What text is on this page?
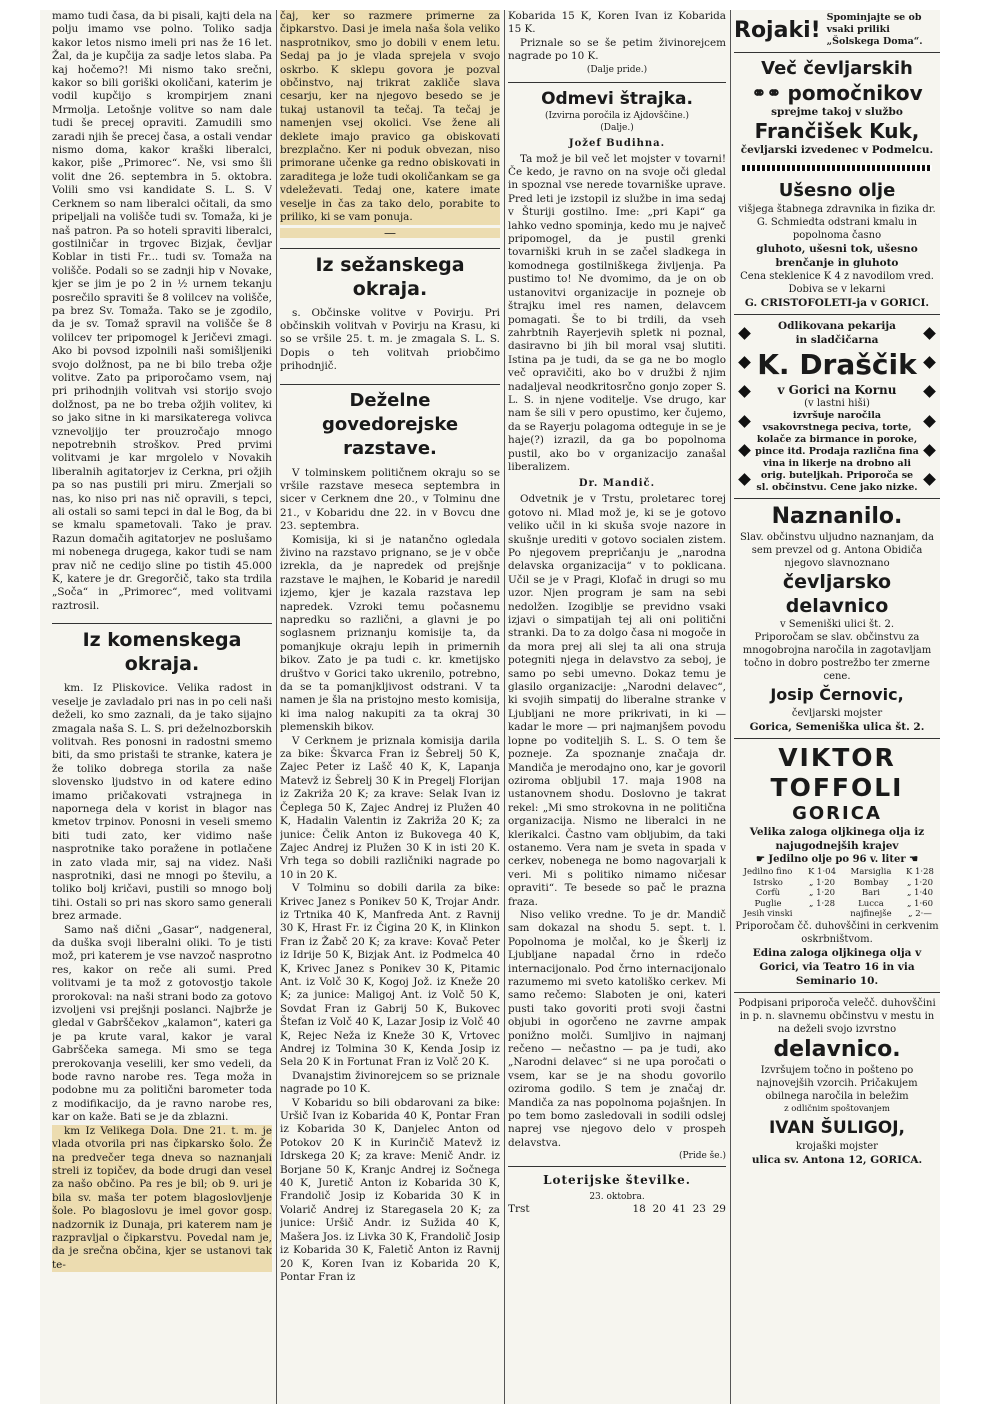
mamo tudi časa, da bi pisali, kajti dela na polju imamo vse polno. Toliko sadja kakor letos nismo imeli pri nas že 16 let. Žal, da je kupčija za sadje letos slaba. Pa kaj hočemo?! Mi nismo tako srečni, kakor so bili goriški okoličani, katerim je vodil kupčijo s krompirjem znani Mrmolja. Letošnje volitve so nam dale tudi še precej opraviti. Zamudili smo zaradi njih še precej časa, a ostali vendar nismo doma, kakor kraški liberalci, kakor, piše „Primorec“. Ne, vsi smo šli volit dne 26. septembra in 5. oktobra. Volili smo vsi kandidate S. L. S. V Cerknem so nam liberalci očitali, da smo pripeljali na volišče tudi sv. Tomaža, ki je naš patron. Pa so hoteli spraviti liberalci, gostilničar in trgovec Bizjak, čevljar Koblar in tisti Fr... tudi sv. Tomaža na volišče. Podali so se zadnji hip v Novake, kjer se jim je po 2 in ½ urnem tekanju posrečilo spraviti še 8 volilcev na volišče, pa brez Sv. Tomaža. Tako se je zgodilo, da je sv. Tomaž spravil na volišče še 8 volilcev ter pripomogel k Jeričevi zmagi. Ako bi povsod izpolnili naši somišljeniki svojo dolžnost, pa ne bi bilo treba ožje volitve. Zato pa priporočamo vsem, naj pri prihodnjih volitvah vsi storijo svojo dolžnost, pa ne bo treba ožjih volitev, ki so jako sitne in ki marsikaterega volivca vznevoljijo ter prouzročajo mnogo nepotrebnih stroškov. Pred prvimi volitvami je kar mrgolelo v Novakih liberalnih agitatorjev iz Cerkna, pri ožjih pa so nas pustili pri miru. Zmerjali so nas, ko niso pri nas nič opravili, s tepci, ali ostali so sami tepci in dal le Bog, da bi se kmalu spametovali. Tako je prav. Razun domačih agitatorjev ne poslušamo mi nobenega drugega, kakor tudi se nam prav nič ne cedijo sline po tistih 45.000 K, katere je dr. Gregorčič, tako sta trdila „Soča“ in „Primorec“, med volitvami raztrosil.

Iz komenskega okraja.

km. Iz Pliskovice. Velika radost in veselje je zavladalo pri nas in po celi naši deželi, ko smo zaznali, da je tako sijajno zmagala naša S. L. S. pri deželnozborskih volitvah. Res ponosni in radostni smemo biti, da smo pristaši te stranke, katera je že toliko dobrega storila za naše slovensko ljudstvo in od katere edino imamo pričakovati vstrajnega in napornega dela v korist in blagor nas kmetov trpinov. Ponosni in veseli smemo biti tudi zato, ker vidimo naše nasprotnike tako poražene in potlačene in zato vlada mir, saj na videz. Naši nasprotniki, dasi ne mnogi po številu, a toliko bolj kričavi, pustili so mnogo bolj tihi. Ostali so pri nas skoro samo generali brez armade.

Samo naš dični „Gasar“, nadgeneral, da duška svoji liberalni oliki. To je tisti mož, pri katerem je vse navzoč nasprotno res, kakor on reče ali sumi. Pred volitvami je ta mož z gotovostjo takole prorokoval: na naši strani bodo za gotovo izvoljeni vsi prejšnji poslanci. Najbrže je gledal v Gabrščekov „kalamon“, kateri ga je pa krute varal, kakor je varal Gabrščeka samega. Mi smo se tega prerokovanja veselili, ker smo vedeli, da bode ravno narobe res. Tega moža in podobne mu za politični barometer toda z modifikacijo, da je ravno narobe res, kar on kaže. Bati se je da zblazni.

km Iz Velikega Dola. Dne 21. t. m. je vlada otvorila pri nas čipkarsko šolo. Že na predvečer tega dneva so naznanjali streli iz topičev, da bode drugi dan vesel za našo občino. Pa res je bil; ob 9. uri je bila sv. maša ter potem blagoslovljenje šole. Po blagoslovu je imel govor gosp. nadzornik iz Dunaja, pri katerem nam je razpravljal o čipkarstvu. Povedal nam je, da je srečna občina, kjer se ustanovi tak te-

čaj, ker so razmere primerne za čipkarstvo. Dasi je imela naša šola veliko nasprotnikov, smo jo dobili v enem letu. Sedaj pa jo je vlada sprejela v svojo oskrbo. K sklepu govora je pozval občinstvo, naj trikrat zakliče slava cesarju, ker na njegovo besedo se je tukaj ustanovil ta tečaj. Ta tečaj je namenjen vsej okolici. Vse žene ali deklete imajo pravico ga obiskovati brezplačno. Ker ni poduk obvezan, niso primorane učenke ga redno obiskovati in zaraditega je lože tudi okoličankam se ga vdeleževati. Tedaj one, katere imate veselje in čas za tako delo, porabite to priliko, ki se vam ponuja.

—
Iz sežanskega okraja.

s. Občinske volitve v Povirju. Pri občinskih volitvah v Povirju na Krasu, ki so se vršile 25. t. m. je zmagala S. L. S. Dopis o teh volitvah priobčimo prihodnjič.

Deželne govedorejske razstave.

V tolminskem političnem okraju so se vršile razstave meseca septembra in sicer v Cerknem dne 20., v Tolminu dne 21., v Kobaridu dne 22. in v Bovcu dne 23. septembra.

Komisija, ki si je natančno ogledala živino na razstavo prignano, se je v obče izrekla, da je napredek od prejšnje razstave le majhen, le Kobarid je naredil izjemo, kjer je kazala razstava lep napredek. Vzroki temu počasnemu napredku so različni, a glavni je po soglasnem priznanju komisije ta, da pomanjkuje okraju lepih in primernih bikov. Zato je pa tudi c. kr. kmetijsko društvo v Gorici tako ukrenilo, potrebno, da se ta pomanjkljivost odstrani. V ta namen je šla na pristojno mesto komisija, ki ima nalog nakupiti za ta okraj 30 plemenskih bikov.

V Cerknem je priznala komisija darila za bike: Škvarca Fran iz Šebrelj 50 K, Zajec Peter iz Lašč 40 K, K, Lapanja Matevž iz Šebrelj 30 K in Pregelj Florijan iz Zakriža 20 K; za krave: Selak Ivan iz Čeplega 50 K, Zajec Andrej iz Plužen 40 K, Hadalin Valentin iz Zakriža 20 K; za junice: Čelik Anton iz Bukovega 40 K, Zajec Andrej iz Plužen 30 K in isti 20 K. Vrh tega so dobili različniki nagrade po 10 in 20 K.

V Tolminu so dobili darila za bike: Krivec Janez s Ponikev 50 K, Trojar Andr. iz Trtnika 40 K, Manfreda Ant. z Ravnij 30 K, Hrast Fr. iz Čigina 20 K, in Klinkon Fran iz Žabč 20 K; za krave: Kovač Peter iz Idrije 50 K, Bizjak Ant. iz Podmelca 40 K, Krivec Janez s Ponikev 30 K, Pitamic Ant. iz Volč 30 K, Kogoj Jož. iz Kneže 20 K; za junice: Maligoj Ant. iz Volč 50 K, Sovdat Fran iz Gabrij 50 K, Bukovec Štefan iz Volč 40 K, Lazar Josip iz Volč 40 K, Rejec Neža iz Kneže 30 K, Vrtovec Andrej iz Tolmina 30 K, Kenda Josip iz Sela 20 K in Fortunat Fran iz Volč 20 K.

Dvanajstim živinorejcem so se priznale nagrade po 10 K.

V Kobaridu so bili obdarovani za bike: Uršič Ivan iz Kobarida 40 K, Pontar Fran iz Kobarida 30 K, Danjelec Anton od Potokov 20 K in Kurinčič Matevž iz Idrskega 20 K; za krave: Menič Andr. iz Borjane 50 K, Kranjc Andrej iz Sočnega 40 K, Juretič Anton iz Kobarida 30 K, Frandolič Josip iz Kobarida 30 K in Volarič Andrej iz Staregasela 20 K; za junice: Uršič Andr. iz Sužida 40 K, Mašera Jos. iz Livka 30 K, Frandolič Josip iz Kobarida 30 K, Faletič Anton iz Ravnij 20 K, Koren Ivan iz Kobarida 20 K, Pontar Fran iz

Kobarida 15 K, Koren Ivan iz Kobarida 15 K.

Priznale so se še petim živinorejcem nagrade po 10 K.

(Dalje pride.)
Odmevi štrajka.
(Izvirna poročila iz Ajdovščine.)
(Dalje.)
Jožef Budihna.

Ta mož je bil več let mojster v tovarni! Če kedo, je ravno on na svoje oči gledal in spoznal vse nerede tovarniške uprave. Pred leti je izstopil iz službe in ima sedaj v Šturiji gostilno. Ime: „pri Kapi“ ga lahko vedno spominja, kedo mu je največ pripomogel, da je pustil grenki tovarniški kruh in se začel sladkega in komodnega gostilniškega življenja. Pa pustimo to! Ne dvomimo, da je on ob ustanovitvi organizacije in pozneje ob štrajku imel res namen, delavcem pomagati. Še to bi trdili, da vseh zahrbtnih Rayerjevih spletk ni poznal, dasiravno bi jih bil moral vsaj slutiti. Istina pa je tudi, da se ga ne bo moglo več opravičiti, ako bo v družbi ž njim nadaljeval neodkritosrčno gonjo zoper S. L. S. in njene voditelje. Vse drugo, kar nam še sili v pero opustimo, ker čujemo, da se Rayerju polagoma odteguje in se je haje(?) izrazil, da ga bo popolnoma pustil, ako bo v organizacijo zanašal liberalizem.

Dr. Mandič.

Odvetnik je v Trstu, proletarec torej gotovo ni. Mlad mož je, ki se je gotovo veliko učil in ki skuša svoje nazore in skušnje urediti v gotovo socialen zistem. Po njegovem prepričanju je „narodna delavska organizacija“ v to poklicana. Učil se je v Pragi, Klofač in drugi so mu uzor. Njen program je sam na sebi nedolžen. Izogiblje se previdno vsaki izjavi o simpatijah tej ali oni politični stranki. Da to za dolgo časa ni mogoče in da mora prej ali slej ta ali ona struja potegniti njega in delavstvo za seboj, je samo po sebi umevno. Dokaz temu je glasilo organizacije: „Narodni delavec“, ki svojih simpatij do liberalne stranke v Ljubljani ne more prikrivati, in ki — kadar le more — pri najmanjšem povodu lopne po voditeljih S. L. S. O tem še pozneje. Za spoznanje značaja dr. Mandiča je merodajno ono, kar je govoril oziroma obljubil 17. maja 1908 na ustanovnem shodu. Doslovno je takrat rekel: „Mi smo strokovna in ne politična organizacija. Nismo ne liberalci in ne klerikalci. Častno vam obljubim, da taki ostanemo. Vera nam je sveta in spada v cerkev, nobenega ne bomo nagovarjali k veri. Mi s politiko nimamo ničesar opraviti“. Te besede so pač le prazna fraza.

Niso veliko vredne. To je dr. Mandič sam dokazal na shodu 5. sept. t. l. Popolnoma je molčal, ko je Škerlj iz Ljubljane napadal črno in rdečo internacijonalo. Pod črno internacijonalo razumemo mi sveto katoliško cerkev. Mi samo rečemo: Slaboten je oni, kateri pusti tako govoriti proti svoji častni objubi in ogorčeno ne zavrne ampak ponižno molči. Sumljivo in najmanj rečeno — nečastno — pa je tudi, ako „Narodni delavec“ si ne upa poročati o vsem, kar se je na shodu govorilo oziroma godilo. S tem je značaj dr. Mandiča za nas popolnoma pojašnjen. In po tem bomo zasledovali in sodili odslej naprej vse njegovo delo v prospeh delavstva.

(Pride še.)
Loterijske številke.
23. oktobra.
Trst	18  20  41  23  29
Rojaki! Spominjajte se ob vsaki priliki „Šolskega Doma“.
Več čevljarskih
⚭⚭ pomočnikov
sprejme takoj v službo
Frančišek Kuk,
čevljarski izvedenec v Podmelcu.
Ušesno olje
višjega štabnega zdravnika in fizika dr. G. Schmiedta odstrani kmalu in popolnoma časno
gluhoto, ušesni tok, ušesno brenčanje in gluhoto
Cena steklenice K 4 z navodilom vred. Dobiva se v lekarni
G. CRISTOFOLETI-ja v GORICI.
Odlikovana pekarija
in sladčičarna
K. Draščik
v Gorici na Kornu
(v lastni hiši)
izvršuje naročila vsakovrstnega peciva, torte, kolače za birmance in poroke, pince itd. Prodaja različna fina vina in likerje na drobno ali orig. buteljkah. Priporoča se sl. občinstvu. Cene jako nizke.
Naznanilo.
Slav. občinstvu uljudno naznanjam, da sem prevzel od g. Antona Obidiča njegovo slavnoznano
čevljarsko delavnico
v Semeniški ulici št. 2.
Priporočam se slav. občinstvu za mnogobrojna naročila in zagotavljam točno in dobro postrežbo ter zmerne cene.
Josip Černovic,
čevljarski mojster
Gorica, Semeniška ulica št. 2.
VIKTOR TOFFOLI
GORICA
Velika zaloga oljkinega olja iz najugodnejših krajev
☛ Jedilno olje po 96 v. liter ☚
Jedilno fino	K 1·04	Marsiglia	K 1·28
Istrsko	„ 1·20	Bombay	„ 1·20
Corfù	„ 1·20	Bari	„ 1·40
Puglie	„ 1·28	Lucca	„ 1·60
Jesih vinski		najfinejše	„ 2·—
Priporočam čč. duhovščini in cerkvenim oskrbništvom.
Edina zaloga oljkinega olja v Gorici, via Teatro 16 in via Seminario 10.
Podpisani priporoča velečč. duhovščini in p. n. slavnemu občinstvu v mestu in na deželi svojo izvrstno
delavnico.
Izvršujem točno in pošteno po najnovejših vzorcih. Pričakujem obilnega naročila in beležim
z odličnim spoštovanjem
IVAN ŠULIGOJ,
krojaški mojster
ulica sv. Antona 12, GORICA.
